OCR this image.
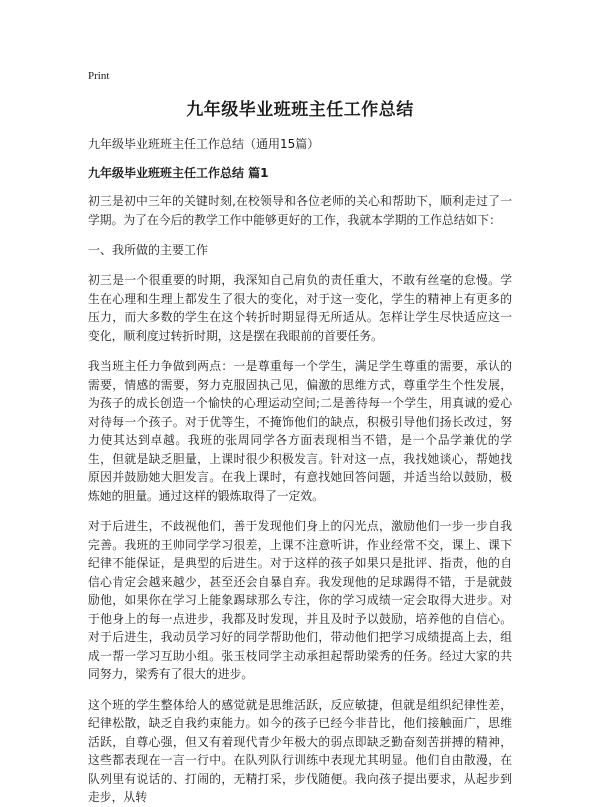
Print
九年级毕业班班主任工作总结

九年级毕业班班主任工作总结（通用15篇）

九年级毕业班班主任工作总结 篇1

初三是初中三年的关键时刻,在校领导和各位老师的关心和帮助下，顺利走过了一学期。为了在今后的教学工作中能够更好的工作，我就本学期的工作总结如下：

一、我所做的主要工作

初三是一个很重要的时期，我深知自己肩负的责任重大，不敢有丝毫的怠慢。学生在心理和生理上都发生了很大的变化，对于这一变化，学生的精神上有更多的压力，而大多数的学生在这个转折时期显得无所适从。怎样让学生尽快适应这一变化，顺利度过转折时期，这是摆在我眼前的首要任务。

我当班主任力争做到两点：一是尊重每一个学生，满足学生尊重的需要，承认的需要，情感的需要，努力克服固执己见，偏激的思维方式，尊重学生个性发展，为孩子的成长创造一个愉快的心理运动空间;二是善待每一个学生，用真诚的爱心对待每一个孩子。对于优等生，不掩饰他们的缺点，积极引导他们扬长改过，努力使其达到卓越。我班的张周同学各方面表现相当不错，是一个品学兼优的学生，但就是缺乏胆量，上课时很少积极发言。针对这一点，我找她谈心，帮她找原因并鼓励她大胆发言。在我上课时，有意找她回答问题，并适当给以鼓励，极炼她的胆量。通过这样的锻炼取得了一定效。

对于后进生，不歧视他们，善于发现他们身上的闪光点，激励他们一步一步自我完善。我班的王帅同学学习很差，上课不注意听讲，作业经常不交，课上、课下纪律不能保证，是典型的后进生。对于这样的孩子如果只是批评、指责，他的自信心肯定会越来越少，甚至还会自暴自弃。我发现他的足球踢得不错，于是就鼓励他，如果你在学习上能象踢球那么专注，你的学习成绩一定会取得大进步。对于他身上的每一点进步，我都及时发现，并且及时予以鼓励，培养他的自信心。对于后进生，我动员学习好的同学帮助他们，带动他们把学习成绩提高上去，组成一帮一学习互助小组。张玉枝同学主动承担起帮助梁秀的任务。经过大家的共同努力，梁秀有了很大的进步。

这个班的学生整体给人的感觉就是思维活跃，反应敏捷，但就是组织纪律性差，纪律松散，缺乏自我约束能力。如今的孩子已经今非昔比，他们接触面广，思维活跃，自尊心强，但又有着现代青少年极大的弱点即缺乏勤奋刻苦拼搏的精神，这些都表现在一言一行中。在队列队行训练中表现尤其明显。他们自由散漫，在队列里有说话的、打闹的，无精打采，步伐随便。我向孩子提出要求，从起步到走步，从转
